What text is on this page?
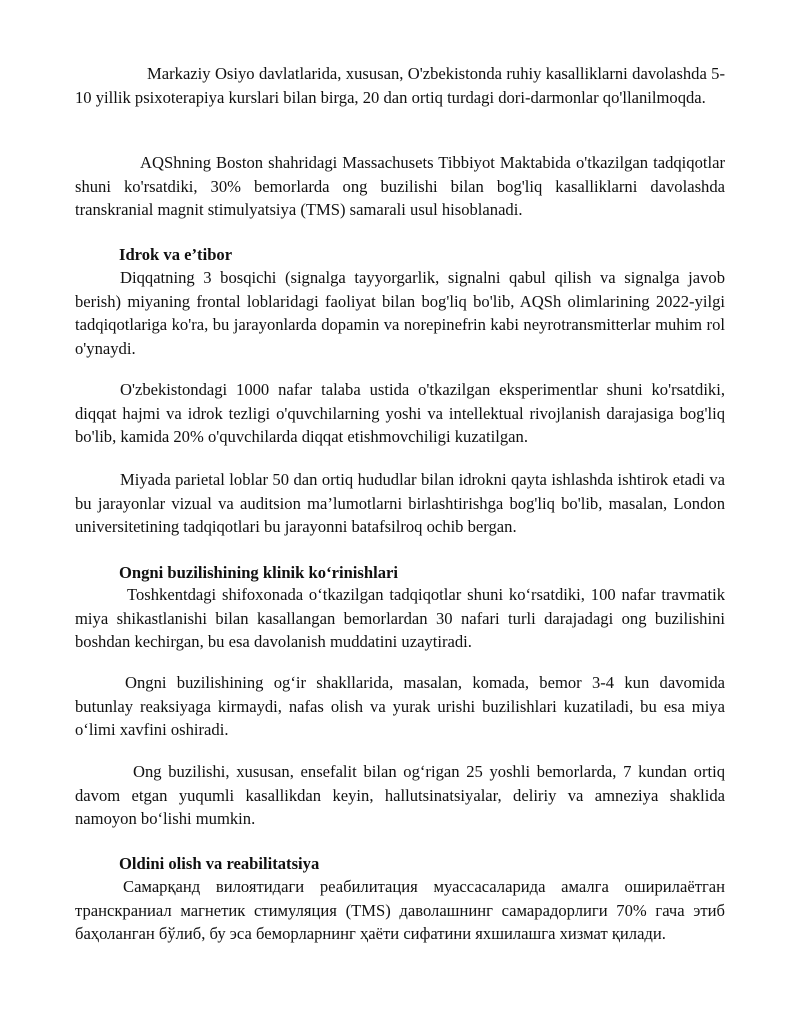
Markaziy Osiyo davlatlarida, xususan, O'zbekistonda ruhiy kasalliklarni davolashda 5-10 yillik psixoterapiya kurslari bilan birga, 20 dan ortiq turdagi dori-darmonlar qo'llanilmoqda.

AQShning Boston shahridagi Massachusets Tibbiyot Maktabida o'tkazilgan tadqiqotlar shuni ko'rsatdiki, 30% bemorlarda ong buzilishi bilan bog'liq kasalliklarni davolashda transkranial magnit stimulyatsiya (TMS) samarali usul hisoblanadi.

Idrok va e’tibor

Diqqatning 3 bosqichi (signalga tayyorgarlik, signalni qabul qilish va signalga javob berish) miyaning frontal loblaridagi faoliyat bilan bog'liq bo'lib, AQSh olimlarining 2022-yilgi tadqiqotlariga ko'ra, bu jarayonlarda dopamin va norepinefrin kabi neyrotransmitterlar muhim rol o'ynaydi.

O'zbekistondagi 1000 nafar talaba ustida o'tkazilgan eksperimentlar shuni ko'rsatdiki, diqqat hajmi va idrok tezligi o'quvchilarning yoshi va intellektual rivojlanish darajasiga bog'liq bo'lib, kamida 20% o'quvchilarda diqqat etishmovchiligi kuzatilgan.

Miyada parietal loblar 50 dan ortiq hududlar bilan idrokni qayta ishlashda ishtirok etadi va bu jarayonlar vizual va auditsion ma’lumotlarni birlashtirishga bog'liq bo'lib, masalan, London universitetining tadqiqotlari bu jarayonni batafsilroq ochib bergan.

Ongni buzilishining klinik ko‘rinishlari

Toshkentdagi shifoxonada o‘tkazilgan tadqiqotlar shuni ko‘rsatdiki, 100 nafar travmatik miya shikastlanishi bilan kasallangan bemorlardan 30 nafari turli darajadagi ong buzilishini boshdan kechirgan, bu esa davolanish muddatini uzaytiradi.

Ongni buzilishining og‘ir shakllarida, masalan, komada, bemor 3-4 kun davomida butunlay reaksiyaga kirmaydi, nafas olish va yurak urishi buzilishlari kuzatiladi, bu esa miya o‘limi xavfini oshiradi.

Ong buzilishi, xususan, ensefalit bilan og‘rigan 25 yoshli bemorlarda, 7 kundan ortiq davom etgan yuqumli kasallikdan keyin, hallutsinatsiyalar, deliriy va amneziya shaklida namoyon bo‘lishi mumkin.

Oldini olish va reabilitatsiya

Самарқанд вилоятидаги реабилитация муассасаларида амалга оширилаётган транскраниал магнетик стимуляция (TMS) даволашнинг самарадорлиги 70% гача этиб баҳоланган бўлиб, бу эса беморларнинг ҳаёти сифатини яхшилашга хизмат қилади.
